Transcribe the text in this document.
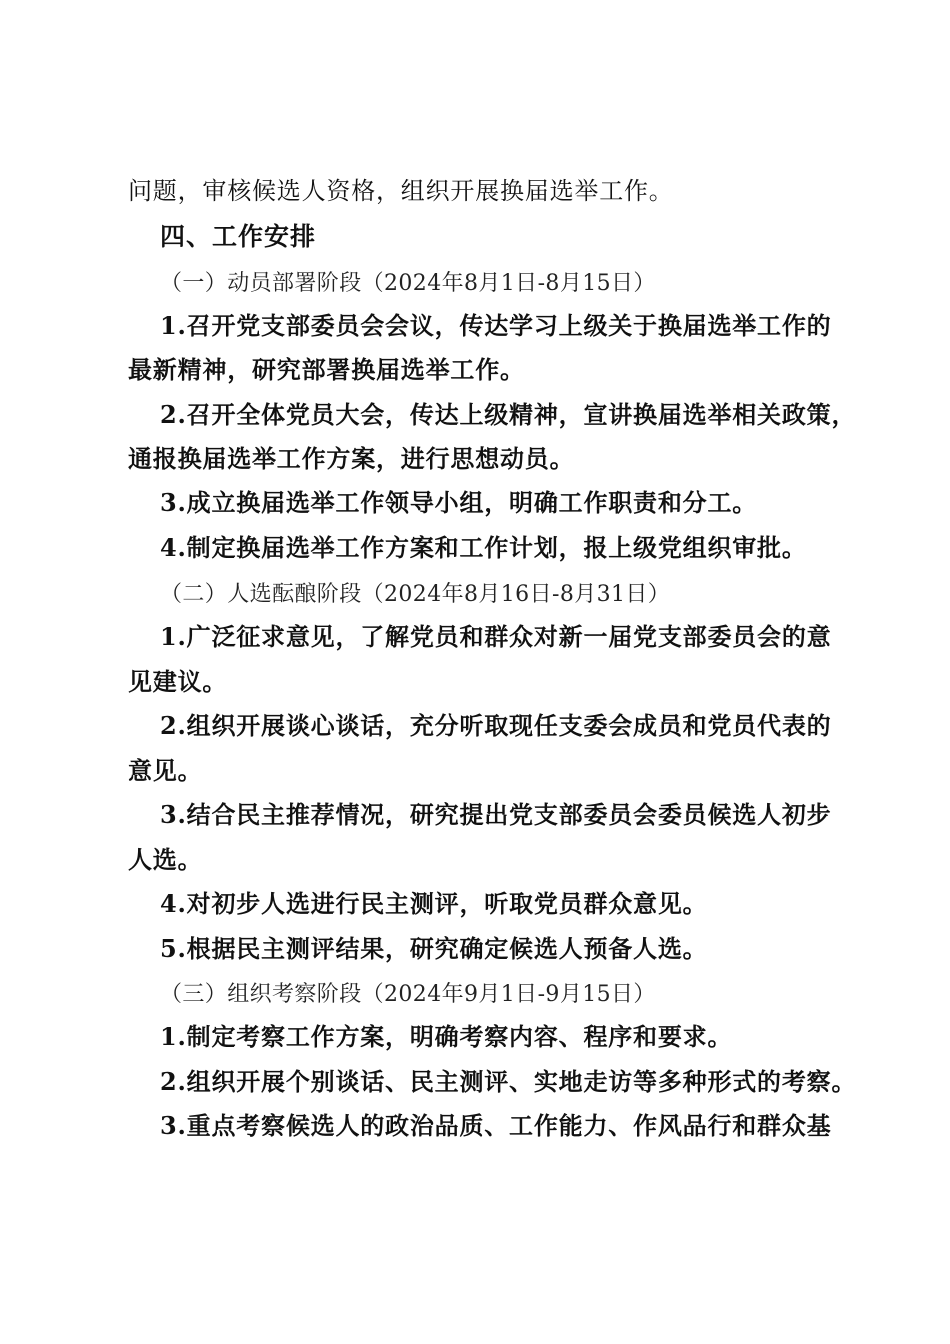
问题，审核候选人资格，组织开展换届选举工作。
四、工作安排
（一）动员部署阶段（2024年8月1日-8月15日）
1.召开党支部委员会会议，传达学习上级关于换届选举工作的
最新精神，研究部署换届选举工作。
2.召开全体党员大会，传达上级精神，宣讲换届选举相关政策，
通报换届选举工作方案，进行思想动员。
3.成立换届选举工作领导小组，明确工作职责和分工。
4.制定换届选举工作方案和工作计划，报上级党组织审批。
（二）人选酝酿阶段（2024年8月16日-8月31日）
1.广泛征求意见，了解党员和群众对新一届党支部委员会的意
见建议。
2.组织开展谈心谈话，充分听取现任支委会成员和党员代表的
意见。
3.结合民主推荐情况，研究提出党支部委员会委员候选人初步
人选。
4.对初步人选进行民主测评，听取党员群众意见。
5.根据民主测评结果，研究确定候选人预备人选。
（三）组织考察阶段（2024年9月1日-9月15日）
1.制定考察工作方案，明确考察内容、程序和要求。
2.组织开展个别谈话、民主测评、实地走访等多种形式的考察。
3.重点考察候选人的政治品质、工作能力、作风品行和群众基
